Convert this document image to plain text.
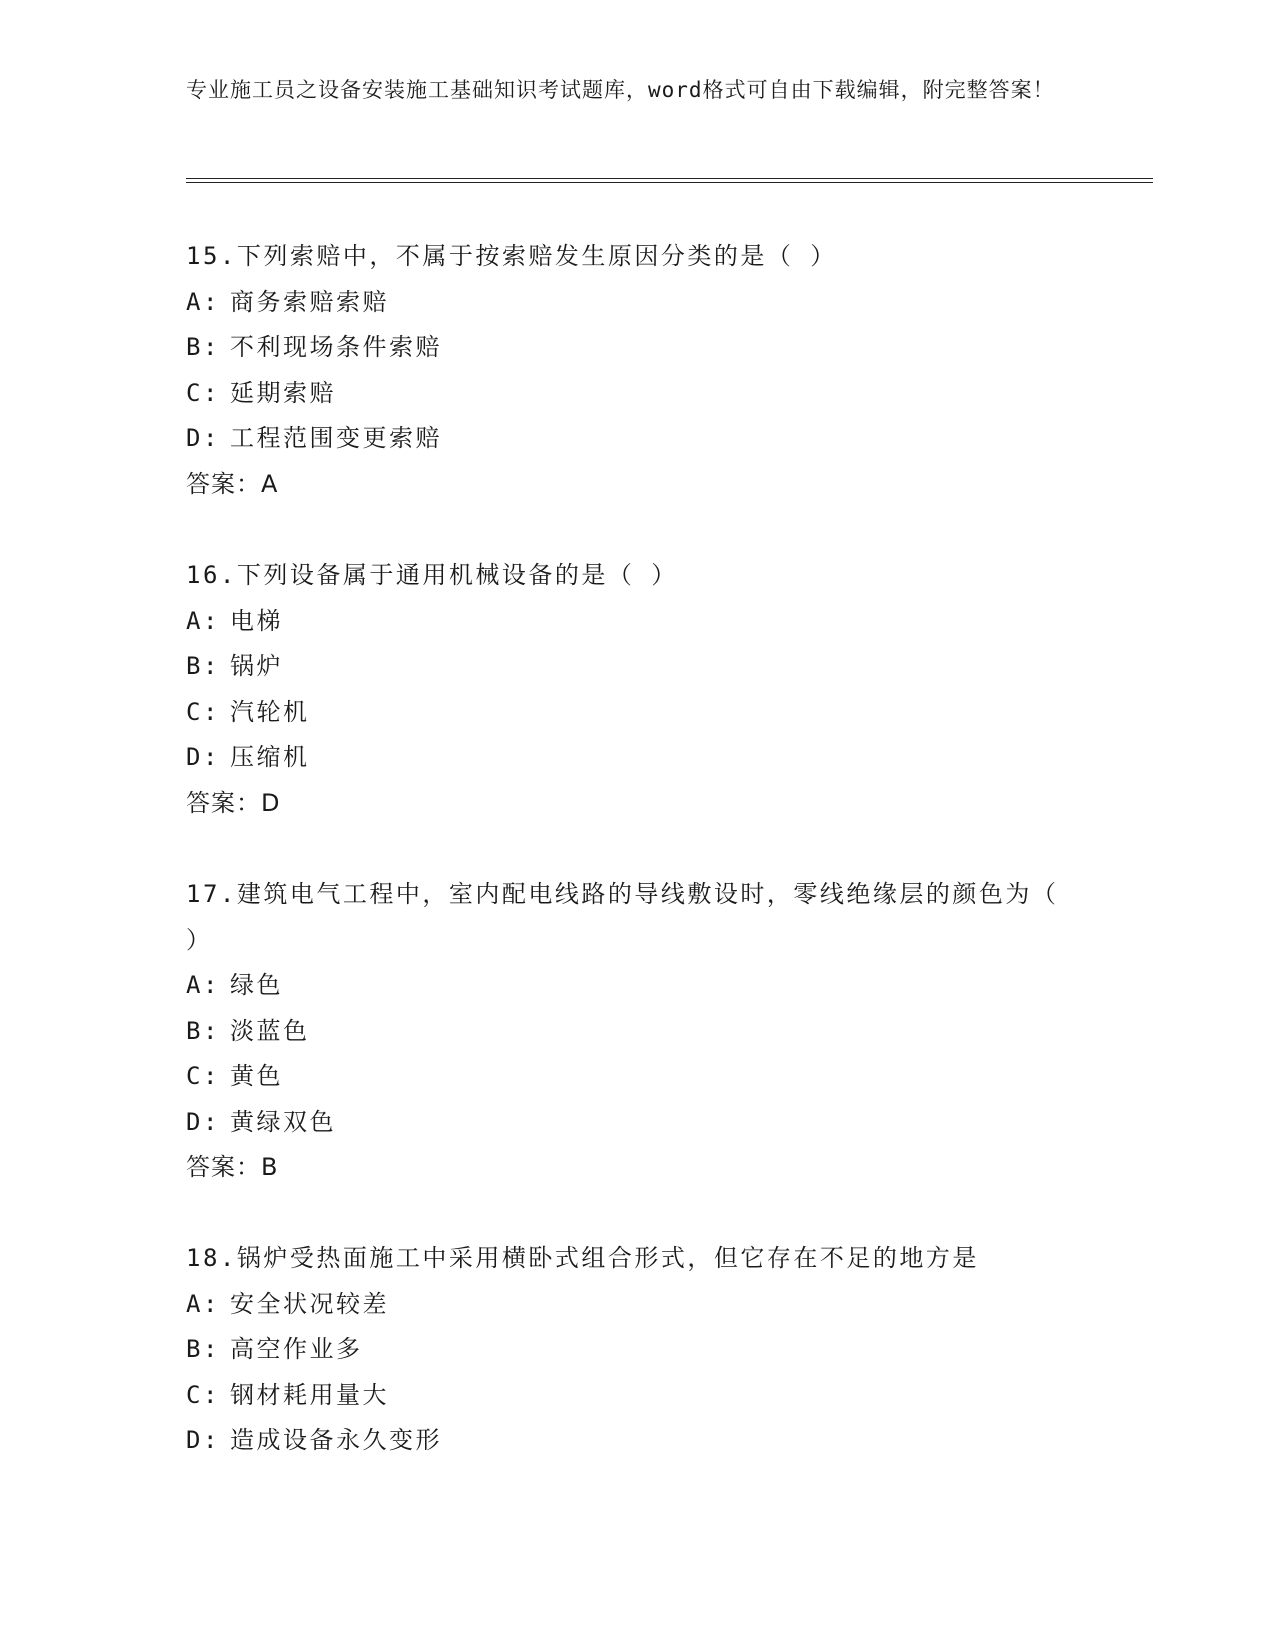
专业施工员之设备安装施工基础知识考试题库，word格式可自由下载编辑，附完整答案！
15.下列索赔中，不属于按索赔发生原因分类的是（ ）
A: 商务索赔索赔
B: 不利现场条件索赔
C: 延期索赔
D: 工程范围变更索赔
答案：A
16.下列设备属于通用机械设备的是（ ）
A: 电梯
B: 锅炉
C: 汽轮机
D: 压缩机
答案：D
17.建筑电气工程中，室内配电线路的导线敷设时，零线绝缘层的颜色为（ ）
A: 绿色
B: 淡蓝色
C: 黄色
D: 黄绿双色
答案：B
18.锅炉受热面施工中采用横卧式组合形式，但它存在不足的地方是
A: 安全状况较差
B: 高空作业多
C: 钢材耗用量大
D: 造成设备永久变形
